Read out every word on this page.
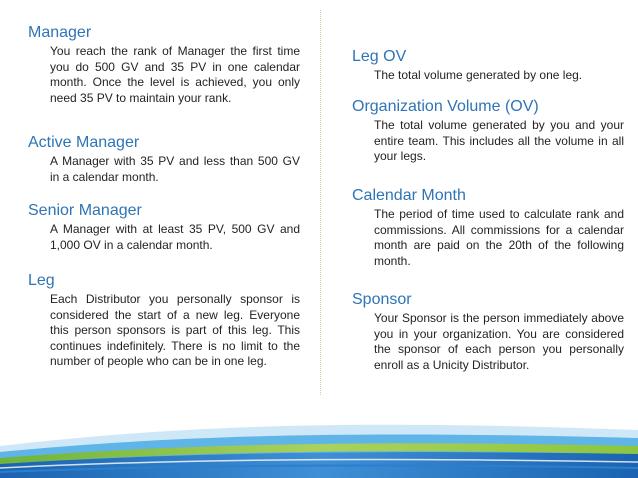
Manager

You reach the rank of Manager the first time you do 500 GV and 35 PV in one calendar month. Once the level is achieved, you only need 35 PV to maintain your rank.

Active Manager

A Manager with 35 PV and less than 500 GV in a calendar month.

Senior Manager

A Manager with at least 35 PV, 500 GV and 1,000 OV in a calendar month.

Leg

Each Distributor you personally sponsor is considered the start of a new leg. Everyone this person sponsors is part of this leg. This continues indefinitely. There is no limit to the number of people who can be in one leg.

Leg OV

The total volume generated by one leg.

Organization Volume (OV)

The total volume generated by you and your entire team. This includes all the volume in all your legs.

Calendar Month

The period of time used to calculate rank and commissions. All commissions for a calendar month are paid on the 20th of the following month.

Sponsor

Your Sponsor is the person immediately above you in your organization. You are considered the sponsor of each person you personally enroll as a Unicity Distributor.
